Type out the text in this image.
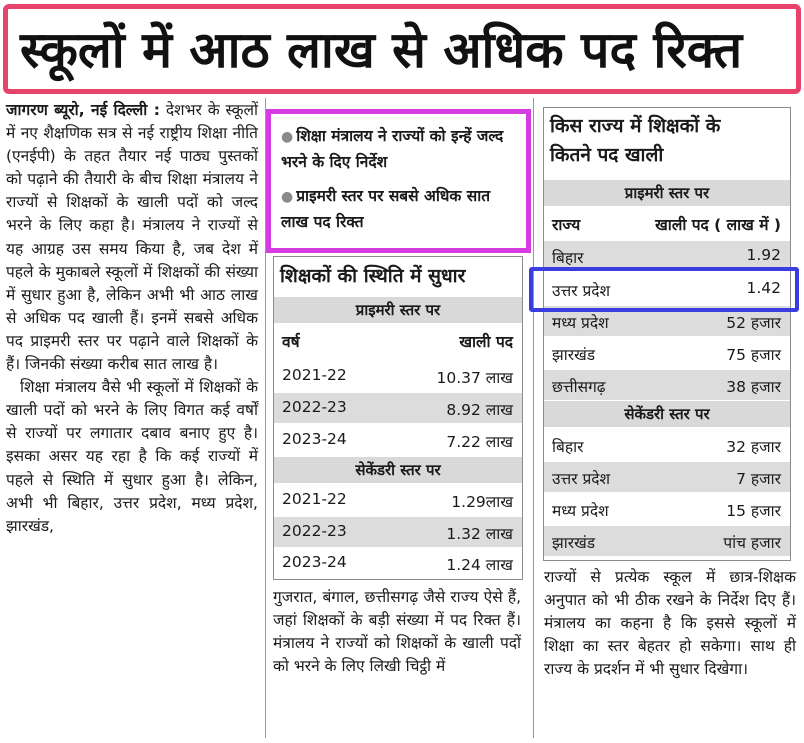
स्कूलों में आठ लाख से अधिक पद रिक्त

जागरण ब्यूरो, नई दिल्ली : देशभर के स्कूलों में नए शैक्षणिक सत्र से नई राष्ट्रीय शिक्षा नीति (एनईपी) के तहत तैयार नई पाठ्य पुस्तकों को पढ़ाने की तैयारी के बीच शिक्षा मंत्रालय ने राज्यों से शिक्षकों के खाली पदों को जल्द भरने के लिए कहा है। मंत्रालय ने राज्यों से यह आग्रह उस समय किया है, जब देश में पहले के मुकाबले स्कूलों में शिक्षकों की संख्या में सुधार हुआ है, लेकिन अभी भी आठ लाख से अधिक पद खाली हैं। इनमें सबसे अधिक पद प्राइमरी स्तर पर पढ़ाने वाले शिक्षकों के हैं। जिनकी संख्या करीब सात लाख है।

शिक्षा मंत्रालय वैसे भी स्कूलों में शिक्षकों के खाली पदों को भरने के लिए विगत कई वर्षों से राज्यों पर लगातार दबाव बनाए हुए है। इसका असर यह रहा है कि कई राज्यों में पहले से स्थिति में सुधार हुआ है। लेकिन, अभी भी बिहार, उत्तर प्रदेश, मध्य प्रदेश, झारखंड,

● शिक्षा मंत्रालय ने राज्यों को इन्हें जल्द भरने के दिए निर्देश
● प्राइमरी स्तर पर सबसे अधिक सात लाख पद रिक्त
शिक्षकों की स्थिति में सुधार
प्राइमरी स्तर पर
वर्ष	खाली पद
2021-22	10.37 लाख
2022-23	8.92 लाख
2023-24	7.22 लाख
सेकेंडरी स्तर पर
2021-22	1.29लाख
2022-23	1.32 लाख
2023-24	1.24 लाख
किस राज्य में शिक्षकों के
कितने पद खाली
प्राइमरी स्तर पर
राज्य	खाली पद ( लाख में )
बिहार	1.92
उत्तर प्रदेश	1.42
मध्य प्रदेश	52 हजार
झारखंड	75 हजार
छत्तीसगढ़	38 हजार
सेकेंडरी स्तर पर
बिहार	32 हजार
उत्तर प्रदेश	7 हजार
मध्य प्रदेश	15 हजार
झारखंड	पांच हजार
गुजरात, बंगाल, छत्तीसगढ़ जैसे राज्य ऐसे हैं, जहां शिक्षकों के बड़ी संख्या में पद रिक्त हैं। मंत्रालय ने राज्यों को शिक्षकों के खाली पदों को भरने के लिए लिखी चिट्ठी में
राज्यों से प्रत्येक स्कूल में छात्र-शिक्षक अनुपात को भी ठीक रखने के निर्देश दिए हैं। मंत्रालय का कहना है कि इससे स्कूलों में शिक्षा का स्तर बेहतर हो सकेगा। साथ ही राज्य के प्रदर्शन में भी सुधार दिखेगा।
